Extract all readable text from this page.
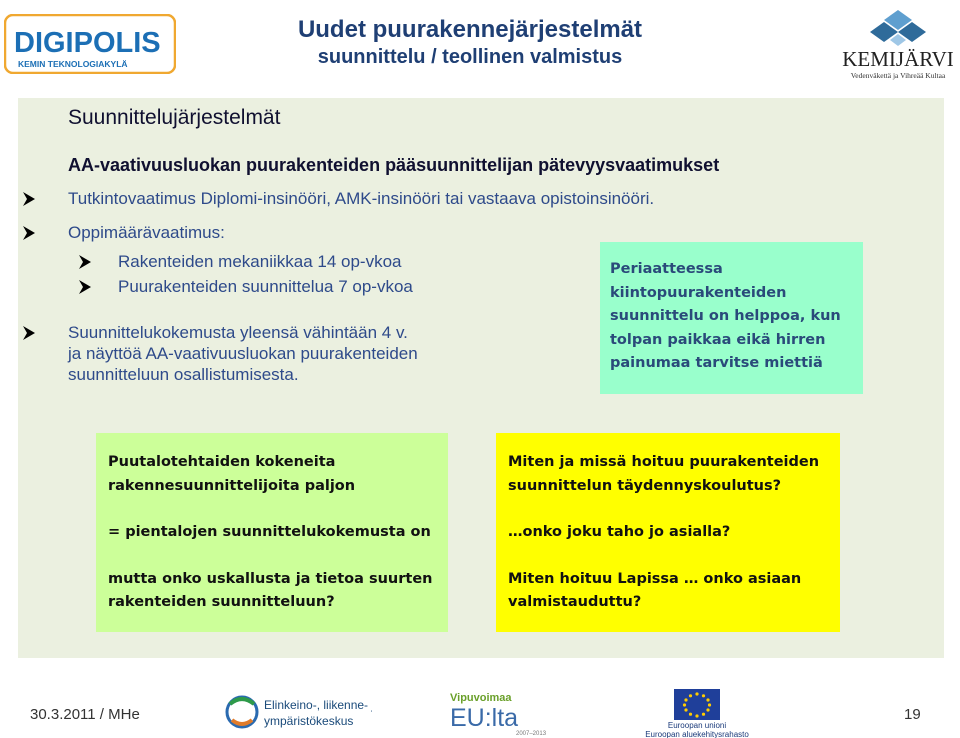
DIGIPOLIS
KEMIN TEKNOLOGIAKYLÄ
Uudet puurakennejärjestelmät
suunnittelu / teollinen valmistus	KEMIJÄRVI
Vedenväkettä ja Vihreää Kultaa
Suunnittelujärjestelmät
AA-vaativuusluokan puurakenteiden pääsuunnittelijan pätevyysvaatimukset
Tutkintovaatimus Diplomi-insinööri, AMK-insinööri tai vastaava opistoinsinööri.
Oppimäärävaatimus:
Rakenteiden mekaniikkaa 14 op-vkoa
Puurakenteiden suunnittelua 7 op-vkoa
Suunnittelukokemusta yleensä vähintään 4 v.
ja näyttöä AA-vaativuusluokan puurakenteiden
suunnitteluun osallistumisesta.
Periaatteessa
kiintopuurakenteiden
suunnittelu on helppoa, kun
tolpan paikkaa eikä hirren
painumaa tarvitse miettiä

Puutalotehtaiden kokeneita
rakennesuunnittelijoita paljon

= pientalojen suunnittelukokemusta on

mutta onko uskallusta ja tietoa suurten
rakenteiden suunnitteluun?

Miten ja missä hoituu puurakenteiden
suunnittelun täydennyskoulutus?

…onko joku taho jo asialla?

Miten hoituu Lapissa … onko asiaan
valmistauduttu?

30.3.2011 / MHe
Elinkeino-, liikenne- ja
ympäristökeskus
Vipuvoimaa
EU:lta
2007–2013
Euroopan unioni
Euroopan aluekehitysrahasto
19
